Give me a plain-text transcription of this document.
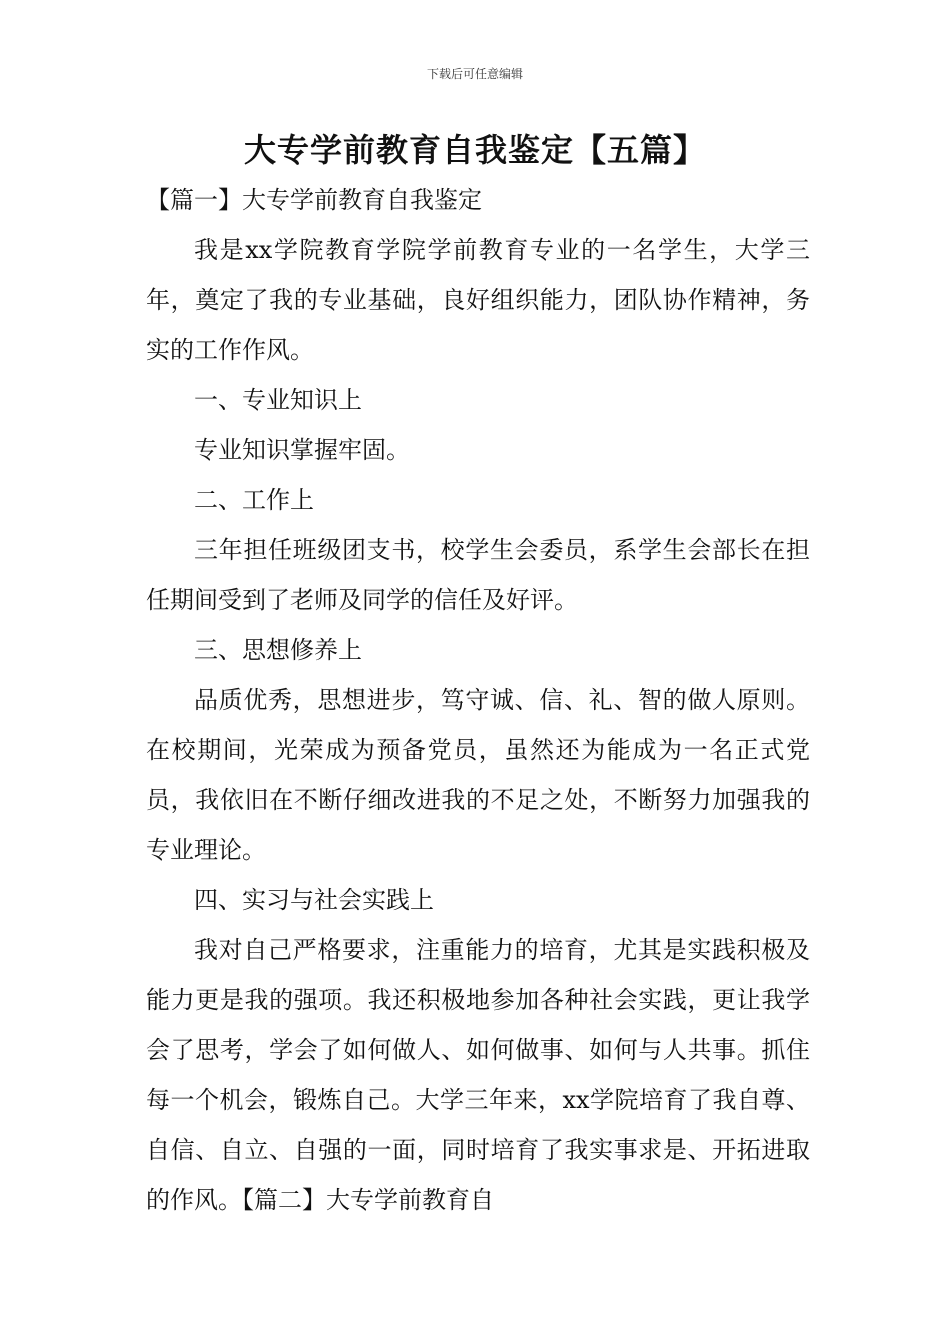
下载后可任意编辑
大专学前教育自我鉴定【五篇】

【篇一】大专学前教育自我鉴定

我是xx学院教育学院学前教育专业的一名学生，大学三年，奠定了我的专业基础，良好组织能力，团队协作精神，务实的工作作风。

一、专业知识上

专业知识掌握牢固。

二、工作上

三年担任班级团支书，校学生会委员，系学生会部长在担任期间受到了老师及同学的信任及好评。

三、思想修养上

品质优秀，思想进步，笃守诚、信、礼、智的做人原则。在校期间，光荣成为预备党员，虽然还为能成为一名正式党员，我依旧在不断仔细改进我的不足之处，不断努力加强我的专业理论。

四、实习与社会实践上

我对自己严格要求，注重能力的培育，尤其是实践积极及能力更是我的强项。我还积极地参加各种社会实践，更让我学会了思考，学会了如何做人、如何做事、如何与人共事。抓住每一个机会，锻炼自己。大学三年来，xx学院培育了我自尊、自信、自立、自强的一面，同时培育了我实事求是、开拓进取的作风。【篇二】大专学前教育自
